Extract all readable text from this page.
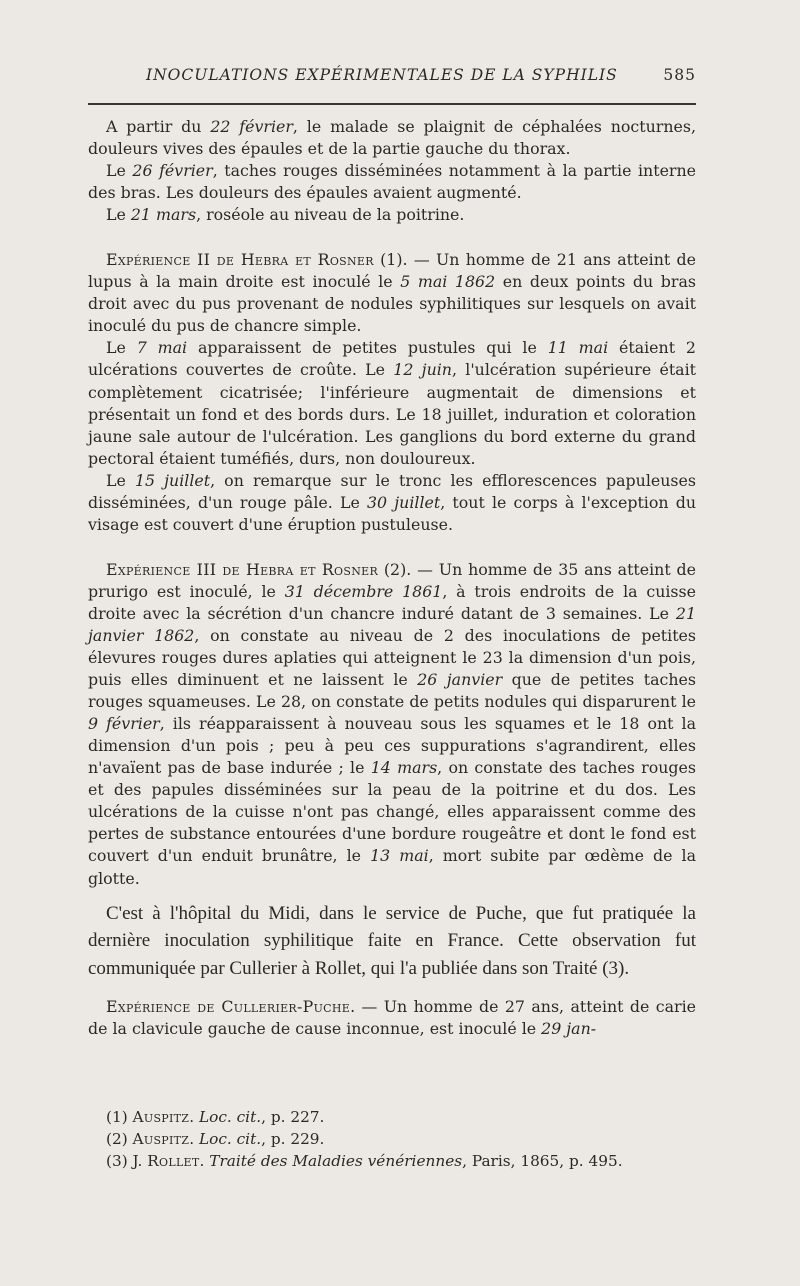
INOCULATIONS EXPÉRIMENTALES DE LA SYPHILIS	585

A partir du 22 février, le malade se plaignit de céphalées nocturnes, douleurs vives des épaules et de la partie gauche du thorax.

Le 26 février, taches rouges disséminées notamment à la partie interne des bras. Les douleurs des épaules avaient augmenté.

Le 21 mars, roséole au niveau de la poitrine.

Expérience II de Hebra et Rosner (1). — Un homme de 21 ans atteint de lupus à la main droite est inoculé le 5 mai 1862 en deux points du bras droit avec du pus provenant de nodules syphilitiques sur lesquels on avait inoculé du pus de chancre simple.

Le 7 mai apparaissent de petites pustules qui le 11 mai étaient 2 ulcérations couvertes de croûte. Le 12 juin, l'ulcération supérieure était complètement cicatrisée; l'inférieure augmentait de dimensions et présentait un fond et des bords durs. Le 18 juillet, induration et coloration jaune sale autour de l'ulcération. Les ganglions du bord externe du grand pectoral étaient tuméfiés, durs, non douloureux.

Le 15 juillet, on remarque sur le tronc les efflorescences papuleuses disséminées, d'un rouge pâle. Le 30 juillet, tout le corps à l'exception du visage est couvert d'une éruption pustuleuse.

Expérience III de Hebra et Rosner (2). — Un homme de 35 ans atteint de prurigo est inoculé, le 31 décembre 1861, à trois endroits de la cuisse droite avec la sécrétion d'un chancre induré datant de 3 semaines. Le 21 janvier 1862, on constate au niveau de 2 des inoculations de petites élevures rouges dures aplaties qui atteignent le 23 la dimension d'un pois, puis elles diminuent et ne laissent le 26 janvier que de petites taches rouges squameuses. Le 28, on constate de petits nodules qui disparurent le 9 février, ils réapparaissent à nouveau sous les squames et le 18 ont la dimension d'un pois ; peu à peu ces suppurations s'agrandirent, elles n'avaïent pas de base indurée ; le 14 mars, on constate des taches rouges et des papules disséminées sur la peau de la poitrine et du dos. Les ulcérations de la cuisse n'ont pas changé, elles apparaissent comme des pertes de substance entourées d'une bordure rougeâtre et dont le fond est couvert d'un enduit brunâtre, le 13 mai, mort subite par œdème de la glotte.

C'est à l'hôpital du Midi, dans le service de Puche, que fut pratiquée la dernière inoculation syphilitique faite en France. Cette observation fut communiquée par Cullerier à Rollet, qui l'a publiée dans son Traité (3).

Expérience de Cullerier-Puche. — Un homme de 27 ans, atteint de carie de la clavicule gauche de cause inconnue, est inoculé le 29 jan-

(1) Auspitz. Loc. cit., p. 227.

(2) Auspitz. Loc. cit., p. 229.

(3) J. Rollet. Traité des Maladies vénériennes, Paris, 1865, p. 495.
